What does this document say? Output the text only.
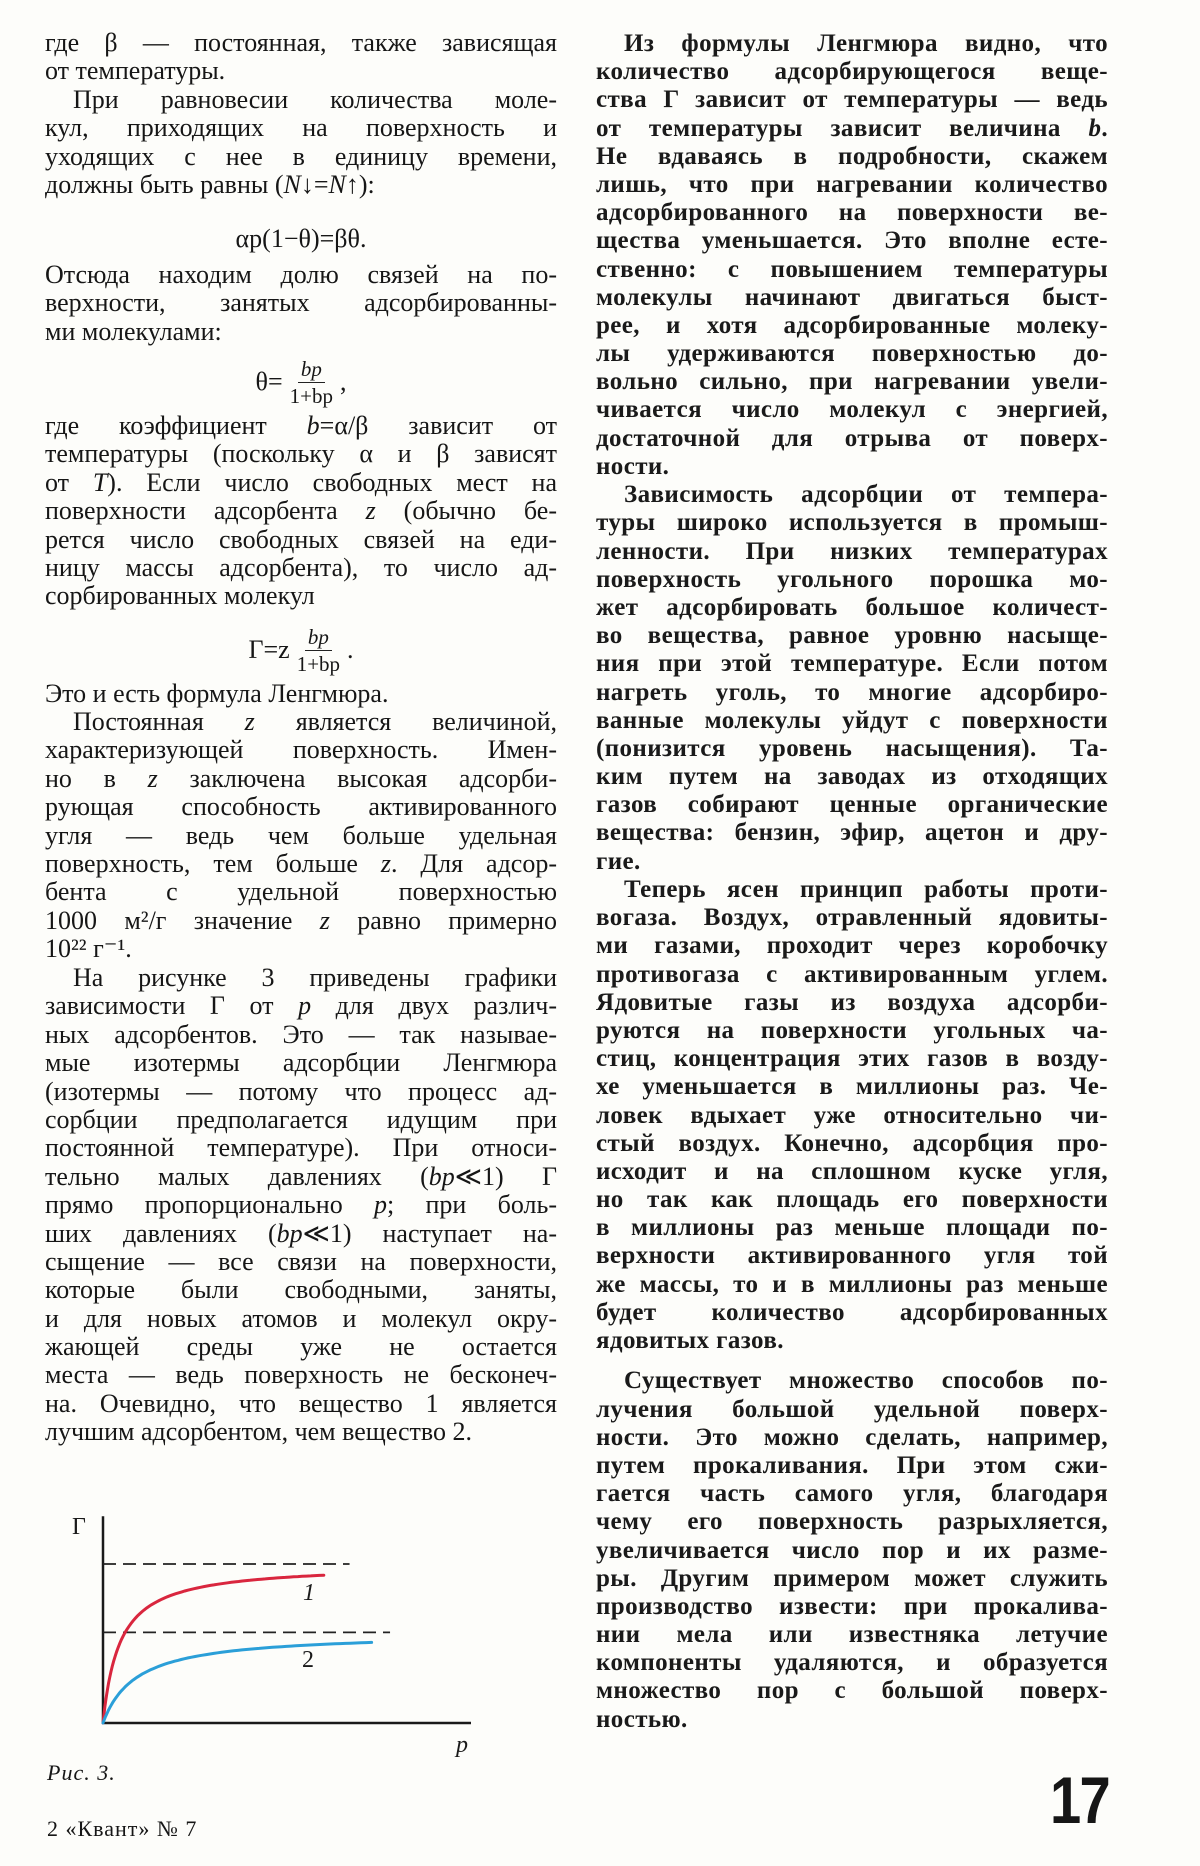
где β — постоянная, также зависящая
от температуры.
При равновесии количества моле-
кул, приходящих на поверхность и
уходящих с нее в единицу времени,
должны быть равны (N↓=N↑):
αp(1−θ)=βθ.
Отсюда находим долю связей на по-
верхности, занятых адсорбированны-
ми молекулами:
$\theta= \frac{bp}{1+bp}$ ,
где коэффициент b=α/β зависит от
температуры (поскольку α и β зависят
от T). Если число свободных мест на
поверхности адсорбента z (обычно бе-
рется число свободных связей на еди-
ницу массы адсорбента), то число ад-
сорбированных молекул
$\Gamma=z \frac{bp}{1+bp}$ .
Это и есть формула Ленгмюра.
Постоянная z является величиной,
характеризующей поверхность. Имен-
но в z заключена высокая адсорби-
рующая способность активированного
угля — ведь чем больше удельная
поверхность, тем больше z. Для адсор-
бента с удельной поверхностью
1000 м²/г значение z равно примерно
10²² г⁻¹.
На рисунке 3 приведены графики
зависимости Γ от p для двух различ-
ных адсорбентов. Это — так называе-
мые изотермы адсорбции Ленгмюра
(изотермы — потому что процесс ад-
сорбции предполагается идущим при
постоянной температуре). При относи-
тельно малых давлениях (bp≪1) Γ
прямо пропорционально p; при боль-
ших давлениях (bp≪1) наступает на-
сыщение — все связи на поверхности,
которые были свободными, заняты,
и для новых атомов и молекул окру-
жающей среды уже не остается
места — ведь поверхность не бесконеч-
на. Очевидно, что вещество 1 является
лучшим адсорбентом, чем вещество 2.
Из формулы Ленгмюра видно, что
количество адсорбирующегося веще-
ства Γ зависит от температуры — ведь
от температуры зависит величина b.
Не вдаваясь в подробности, скажем
лишь, что при нагревании количество
адсорбированного на поверхности ве-
щества уменьшается. Это вполне есте-
ственно: с повышением температуры
молекулы начинают двигаться быст-
рее, и хотя адсорбированные молеку-
лы удерживаются поверхностью до-
вольно сильно, при нагревании увели-
чивается число молекул с энергией,
достаточной для отрыва от поверх-
ности.
Зависимость адсорбции от темпера-
туры широко используется в промыш-
ленности. При низких температурах
поверхность угольного порошка мо-
жет адсорбировать большое количест-
во вещества, равное уровню насыще-
ния при этой температуре. Если потом
нагреть уголь, то многие адсорбиро-
ванные молекулы уйдут с поверхности
(понизится уровень насыщения). Та-
ким путем на заводах из отходящих
газов собирают ценные органические
вещества: бензин, эфир, ацетон и дру-
гие.
Теперь ясен принцип работы проти-
вогаза. Воздух, отравленный ядовиты-
ми газами, проходит через коробочку
противогаза с активированным углем.
Ядовитые газы из воздуха адсорби-
руются на поверхности угольных ча-
стиц, концентрация этих газов в возду-
хе уменьшается в миллионы раз. Че-
ловек вдыхает уже относительно чи-
стый воздух. Конечно, адсорбция про-
исходит и на сплошном куске угля,
но так как площадь его поверхности
в миллионы раз меньше площади по-
верхности активированного угля той
же массы, то и в миллионы раз меньше
будет количество адсорбированных
ядовитых газов.
Существует множество способов по-
лучения большой удельной поверх-
ности. Это можно сделать, например,
путем прокаливания. При этом сжи-
гается часть самого угля, благодаря
чему его поверхность разрыхляется,
увеличивается число пор и их разме-
ры. Другим примером может служить
производство извести: при прокалива-
нии мела или известняка летучие
компоненты удаляются, и образуется
множество пор с большой поверх-
ностью.
Γ
p
1
2
Рис. 3.
2 «Квант» № 7	17
